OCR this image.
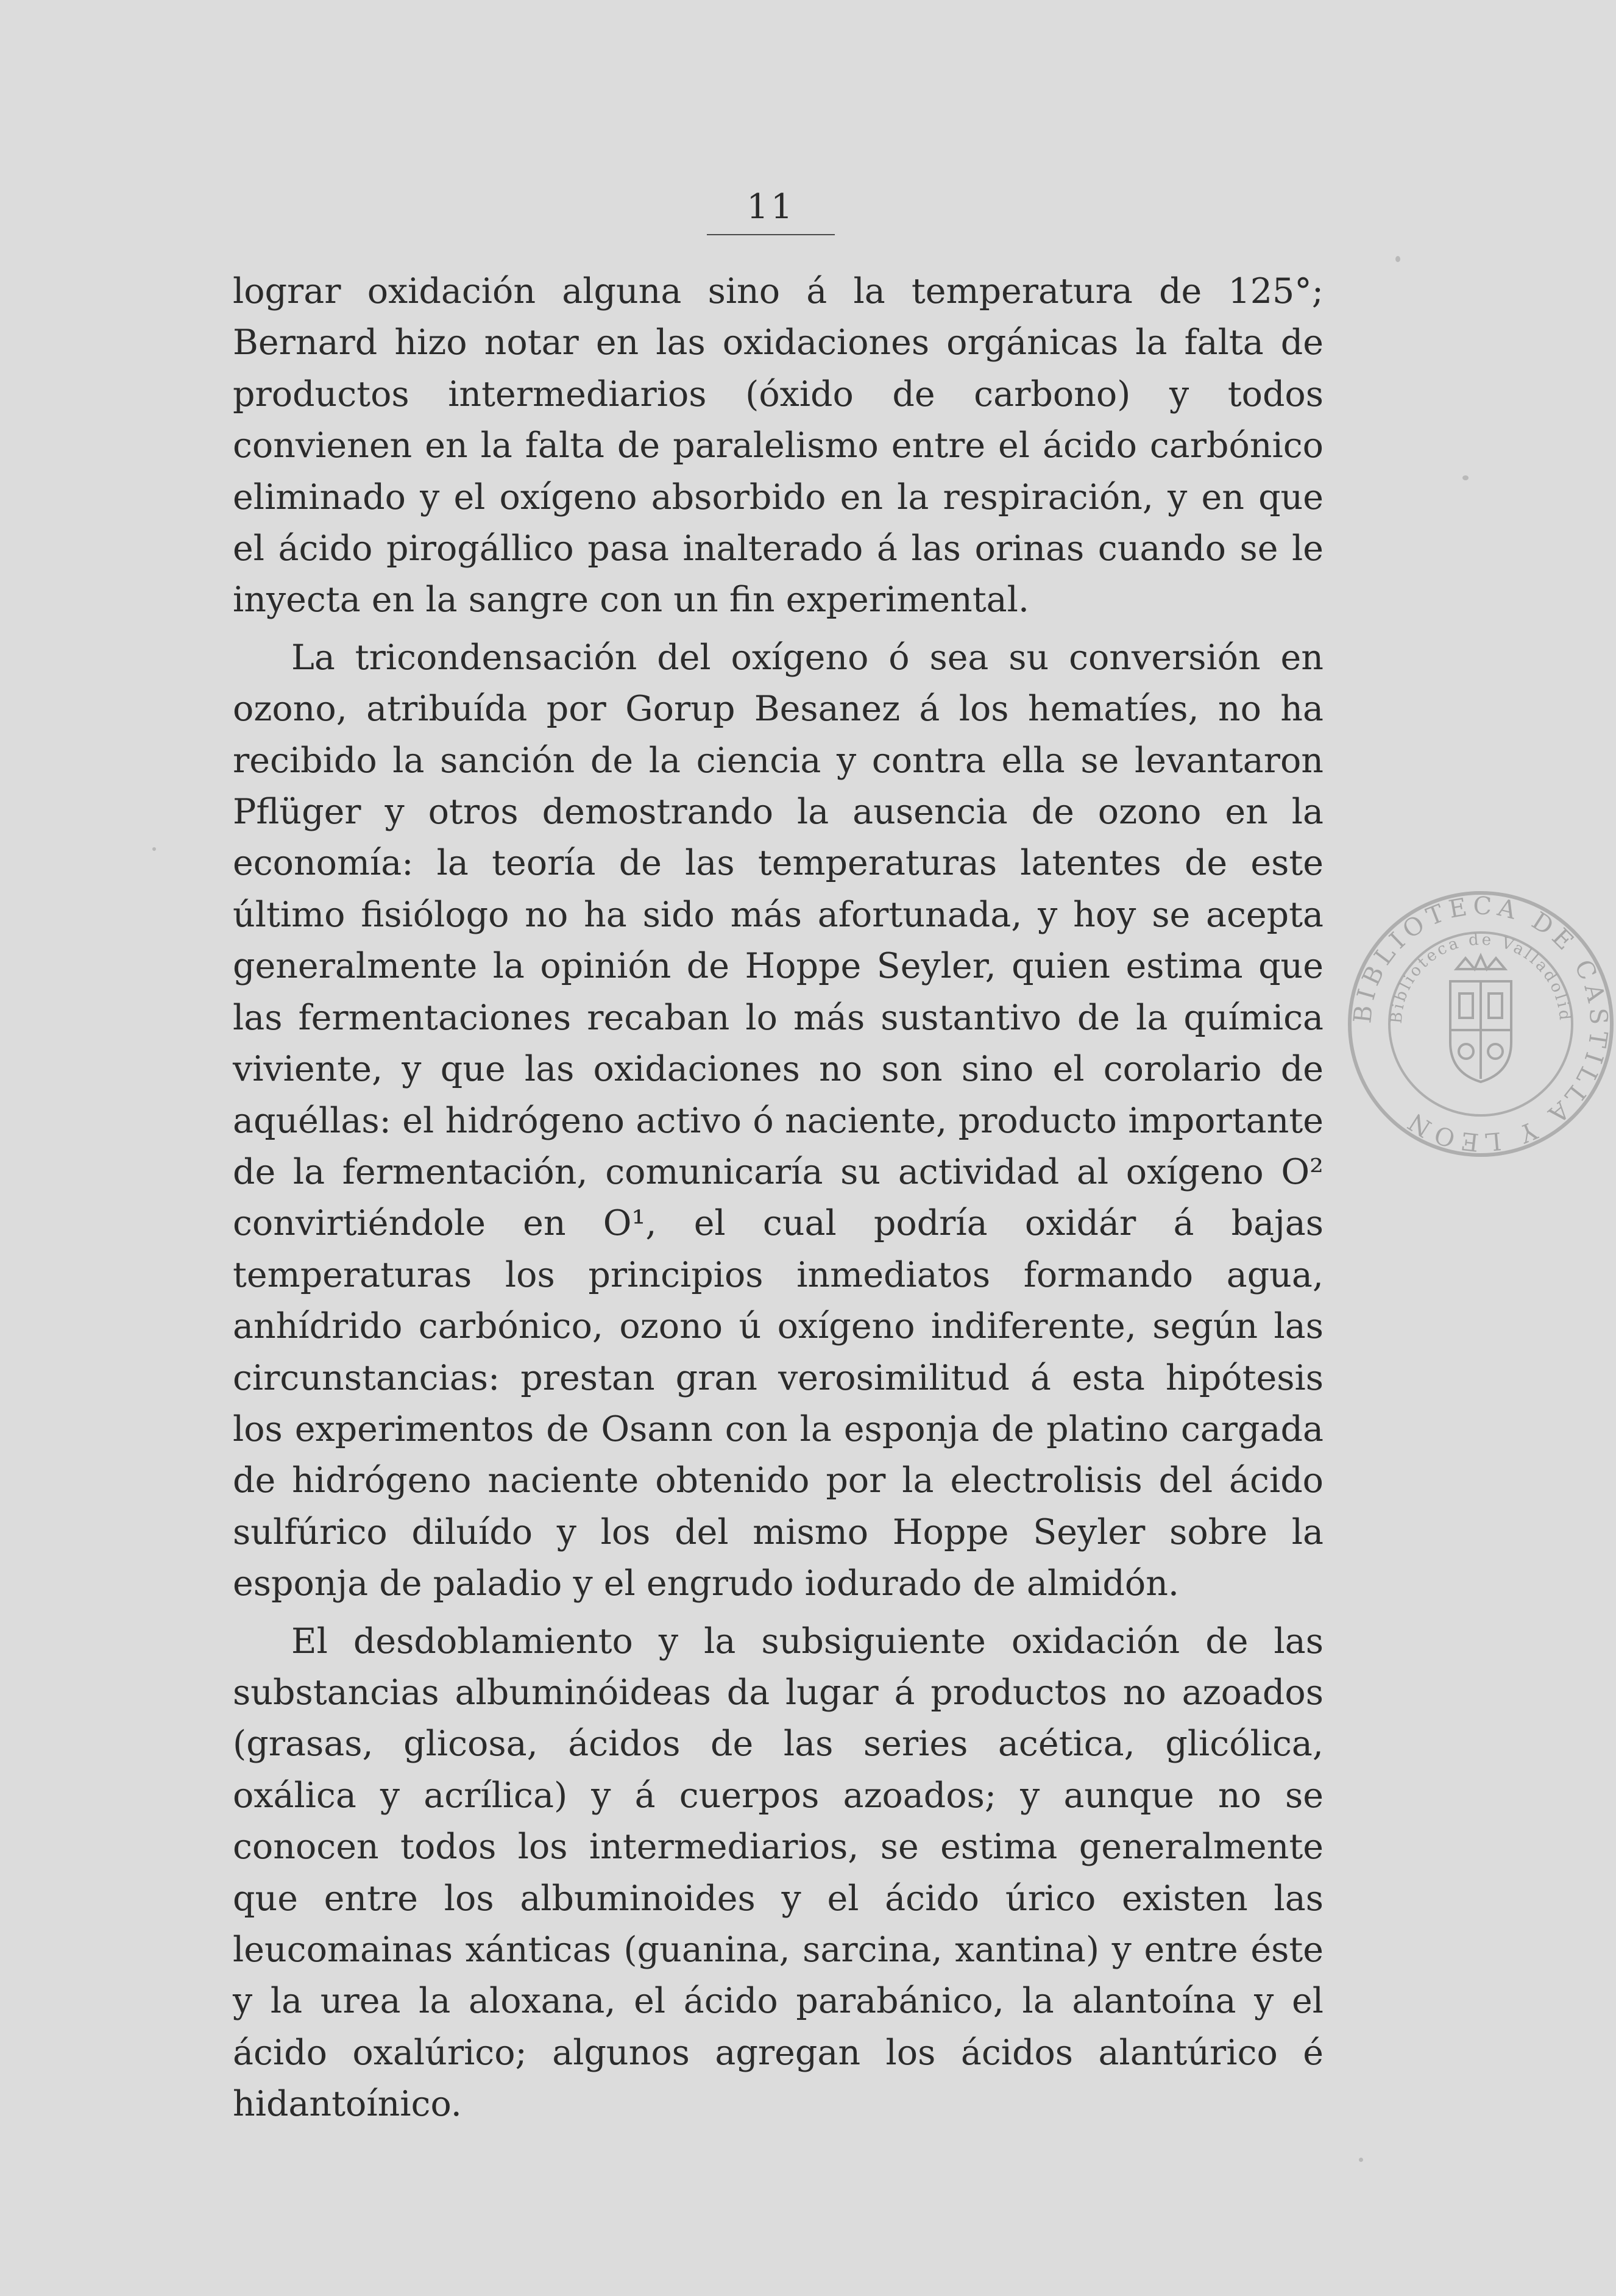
11

lograr oxidación alguna sino á la temperatura de 125°; Bernard hizo notar en las oxidaciones orgánicas la falta de productos intermediarios (óxido de carbono) y todos convienen en la falta de paralelismo entre el ácido carbónico eliminado y el oxígeno absorbido en la respiración, y en que el ácido pirogállico pasa inalterado á las orinas cuando se le inyecta en la sangre con un fin experimental.

La tricondensación del oxígeno ó sea su conversión en ozono, atribuída por Gorup Besanez á los hematíes, no ha recibido la sanción de la ciencia y contra ella se levantaron Pflüger y otros demostrando la ausencia de ozono en la economía: la teoría de las temperaturas latentes de este último fisiólogo no ha sido más afortunada, y hoy se acepta generalmente la opinión de Hoppe Seyler, quien estima que las fermentaciones recaban lo más sustantivo de la química viviente, y que las oxidaciones no son sino el corolario de aquéllas: el hidrógeno activo ó naciente, producto importante de la fermentación, comunicaría su actividad al oxígeno O² convirtiéndole en O¹, el cual podría oxidár á bajas temperaturas los principios inmediatos formando agua, anhídrido carbónico, ozono ú oxígeno indiferente, según las circunstancias: prestan gran verosimilitud á esta hipótesis los experimentos de Osann con la esponja de platino cargada de hidrógeno naciente obtenido por la electrolisis del ácido sulfúrico diluído y los del mismo Hoppe Seyler sobre la esponja de paladio y el engrudo iodurado de almidón.

El desdoblamiento y la subsiguiente oxidación de las substancias albuminóideas da lugar á productos no azoados (grasas, glicosa, ácidos de las series acética, glicólica, oxálica y acrílica) y á cuerpos azoados; y aunque no se conocen todos los intermediarios, se estima generalmente que entre los albuminoides y el ácido úrico existen las leucomainas xánticas (guanina, sarcina, xantina) y entre éste y la urea la aloxana, el ácido parabánico, la alantoína y el ácido oxalúrico; algunos agregan los ácidos alantúrico é hidantoínico.

BIBLIOTECA DE CASTILLA Y LEON
Biblioteca de Valladolid
